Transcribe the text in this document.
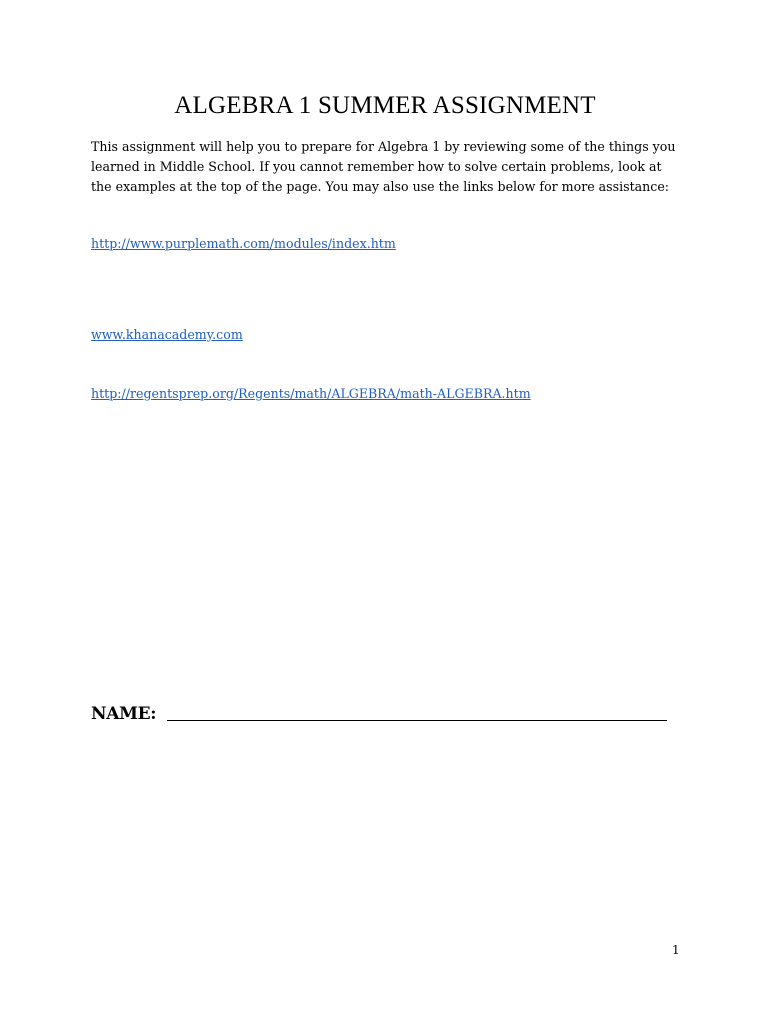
ALGEBRA 1 SUMMER ASSIGNMENT
This assignment will help you to prepare for Algebra 1 by reviewing some of the things you
learned in Middle School. If you cannot remember how to solve certain problems, look at
the examples at the top of the page. You may also use the links below for more assistance:
http://www.purplemath.com/modules/index.htm
www.khanacademy.com
http://regentsprep.org/Regents/math/ALGEBRA/math-ALGEBRA.htm
NAME:
1
